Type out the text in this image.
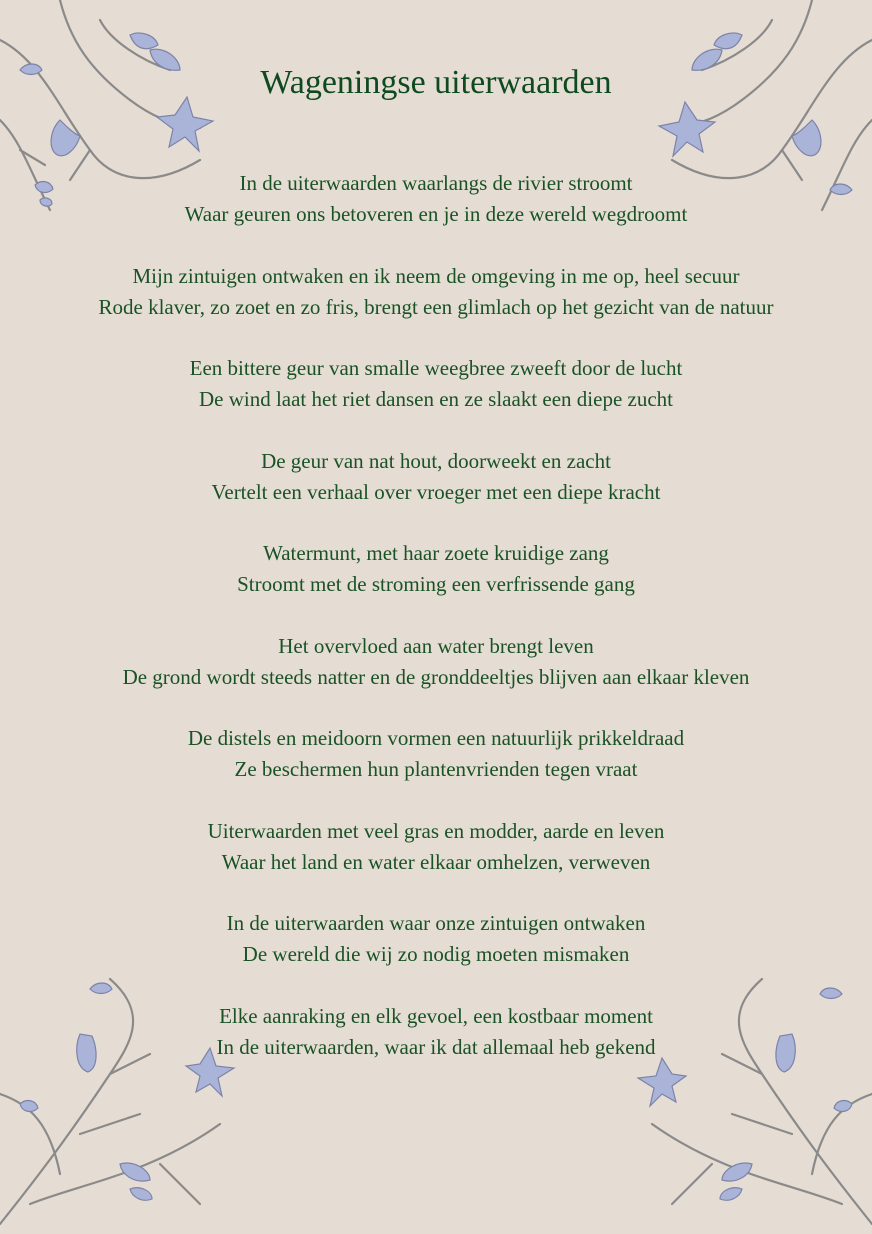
Wageningse uiterwaarden

In de uiterwaarden waarlangs de rivier stroomt
Waar geuren ons betoveren en je in deze wereld wegdroomt

Mijn zintuigen ontwaken en ik neem de omgeving in me op, heel secuur
Rode klaver, zo zoet en zo fris, brengt een glimlach op het gezicht van de natuur

Een bittere geur van smalle weegbree zweeft door de lucht
De wind laat het riet dansen en ze slaakt een diepe zucht

De geur van nat hout, doorweekt en zacht
Vertelt een verhaal over vroeger met een diepe kracht

Watermunt, met haar zoete kruidige zang
Stroomt met de stroming een verfrissende gang

Het overvloed aan water brengt leven
De grond wordt steeds natter en de gronddeeltjes blijven aan elkaar kleven

De distels en meidoorn vormen een natuurlijk prikkeldraad
Ze beschermen hun plantenvrienden tegen vraat

Uiterwaarden met veel gras en modder, aarde en leven
Waar het land en water elkaar omhelzen, verweven

In de uiterwaarden waar onze zintuigen ontwaken
De wereld die wij zo nodig moeten mismaken

Elke aanraking en elk gevoel, een kostbaar moment
In de uiterwaarden, waar ik dat allemaal heb gekend
